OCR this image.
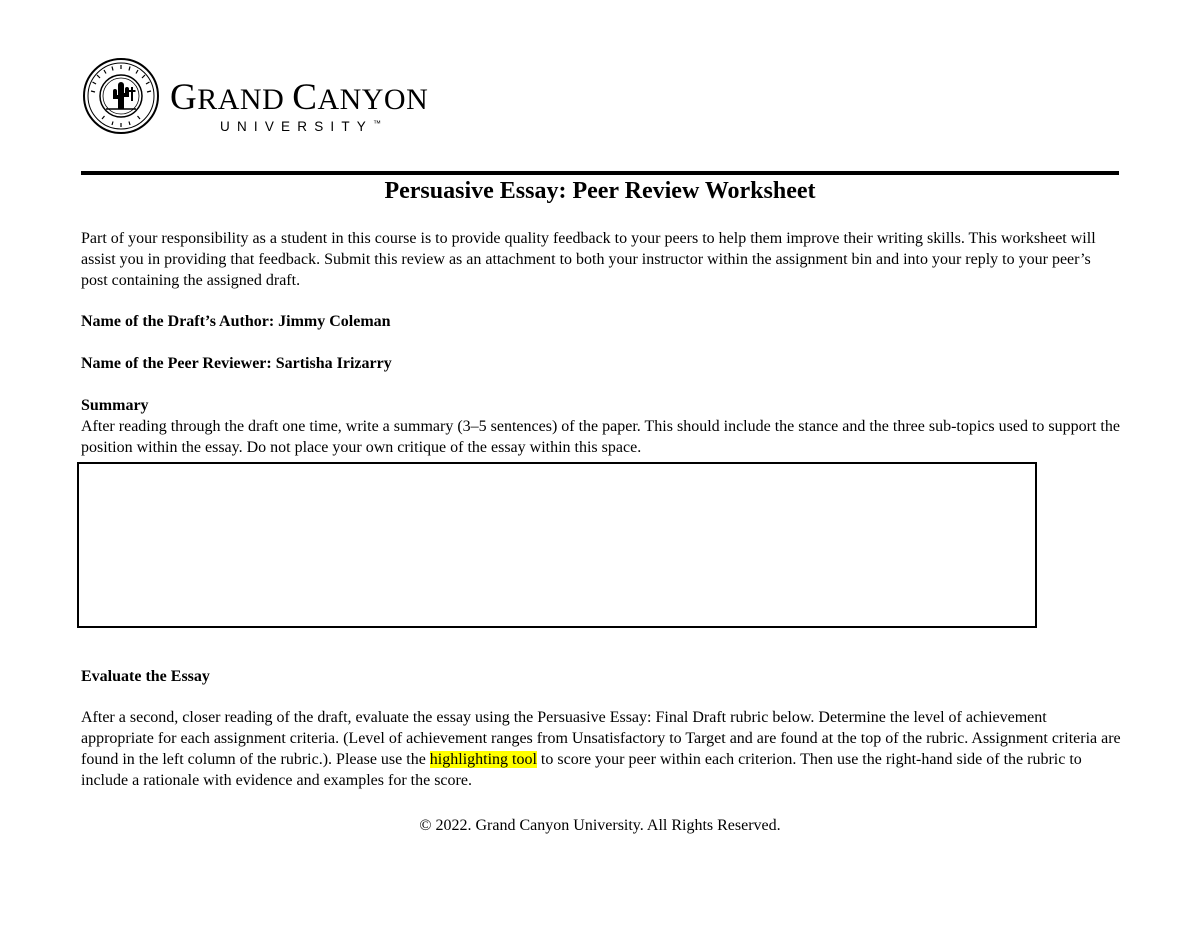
GRAND CANYON
UNIVERSITY™
Persuasive Essay: Peer Review Worksheet
Part of your responsibility as a student in this course is to provide quality feedback to your peers to help them improve their writing skills. This worksheet will assist you in providing that feedback. Submit this review as an attachment to both your instructor within the assignment bin and into your reply to your peer’s post containing the assigned draft.
Name of the Draft’s Author: Jimmy Coleman
Name of the Peer Reviewer: Sartisha Irizarry
Summary
After reading through the draft one time, write a summary (3–5 sentences) of the paper. This should include the stance and the three sub-topics used to support the position within the essay. Do not place your own critique of the essay within this space.
Evaluate the Essay
After a second, closer reading of the draft, evaluate the essay using the Persuasive Essay: Final Draft rubric below. Determine the level of achievement appropriate for each assignment criteria. (Level of achievement ranges from Unsatisfactory to Target and are found at the top of the rubric. Assignment criteria are found in the left column of the rubric.). Please use the highlighting tool to score your peer within each criterion. Then use the right-hand side of the rubric to include a rationale with evidence and examples for the score.
© 2022. Grand Canyon University. All Rights Reserved.
